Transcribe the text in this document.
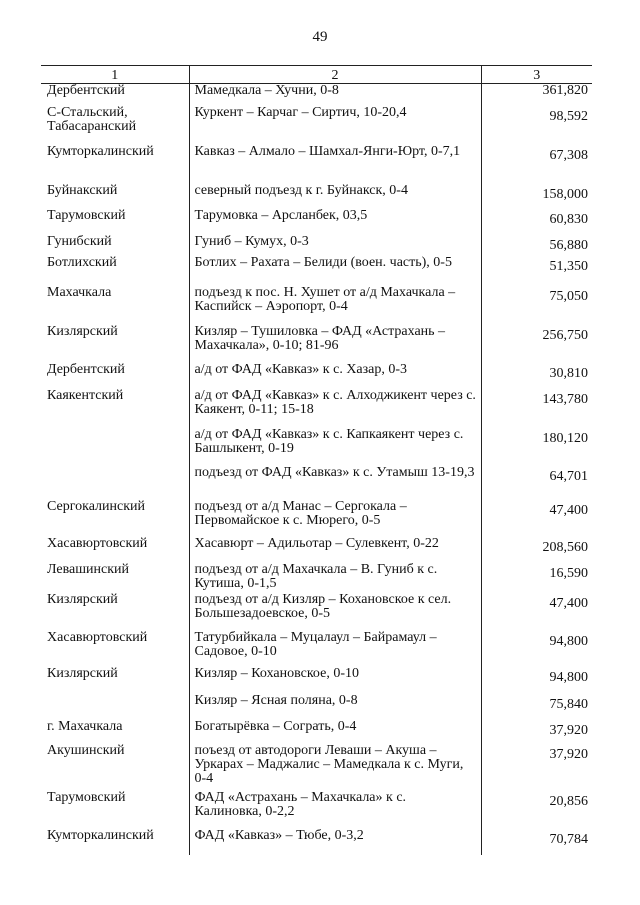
49
1	2	3
Дербентский	Мамедкала – Хучни, 0-8	361,820
С-Стальский, Табасаранский	Куркент – Карчаг – Сиртич, 10-20,4	98,592
Кумторкалинский	Кавказ – Алмало – Шамхал-Янги-Юрт, 0-7,1	67,308
Буйнакский	северный подъезд к г. Буйнакск, 0-4	158,000
Тарумовский	Тарумовка – Арсланбек, 03,5	60,830
Гунибский	Гуниб – Кумух, 0-3	56,880
Ботлихский	Ботлих – Рахата – Белиди (воен. часть), 0-5	51,350
Махачкала	подъезд к пос. Н. Хушет от а/д Махачкала – Каспийск – Аэропорт, 0-4	75,050
Кизлярский	Кизляр – Тушиловка – ФАД «Астрахань – Махачкала», 0-10; 81-96	256,750
Дербентский	а/д от ФАД «Кавказ» к с. Хазар, 0-3	30,810
Каякентский	а/д от ФАД «Кавказ» к с. Алходжикент через с. Каякент, 0-11; 15-18	143,780
	а/д от ФАД «Кавказ» к с. Капкаякент через с. Башлыкент, 0-19	180,120
	подъезд от ФАД «Кавказ» к с. Утамыш 13-19,3	64,701
Сергокалинский	подъезд от а/д Манас – Сергокала – Первомайское к с. Мюрего, 0-5	47,400
Хасавюртовский	Хасавюрт – Адильотар – Сулевкент, 0-22	208,560
Левашинский	подъезд от а/д Махачкала – В. Гуниб к с. Кутиша, 0-1,5	16,590
Кизлярский	подъезд от а/д Кизляр – Кохановское к сел. Большезадоевское, 0-5	47,400
Хасавюртовский	Татурбийкала – Муцалаул – Байрамаул – Садовое, 0-10	94,800
Кизлярский	Кизляр – Кохановское, 0-10	94,800
	Кизляр – Ясная поляна, 0-8	75,840
г. Махачкала	Богатырёвка – Сограть, 0-4	37,920
Акушинский	поъезд от автодороги Леваши – Акуша – Уркарах – Маджалис – Мамедкала к с. Муги, 0-4	37,920
Тарумовский	ФАД «Астрахань – Махачкала» к с. Калиновка, 0-2,2	20,856
Кумторкалинский	ФАД «Кавказ» – Тюбе, 0-3,2	70,784
